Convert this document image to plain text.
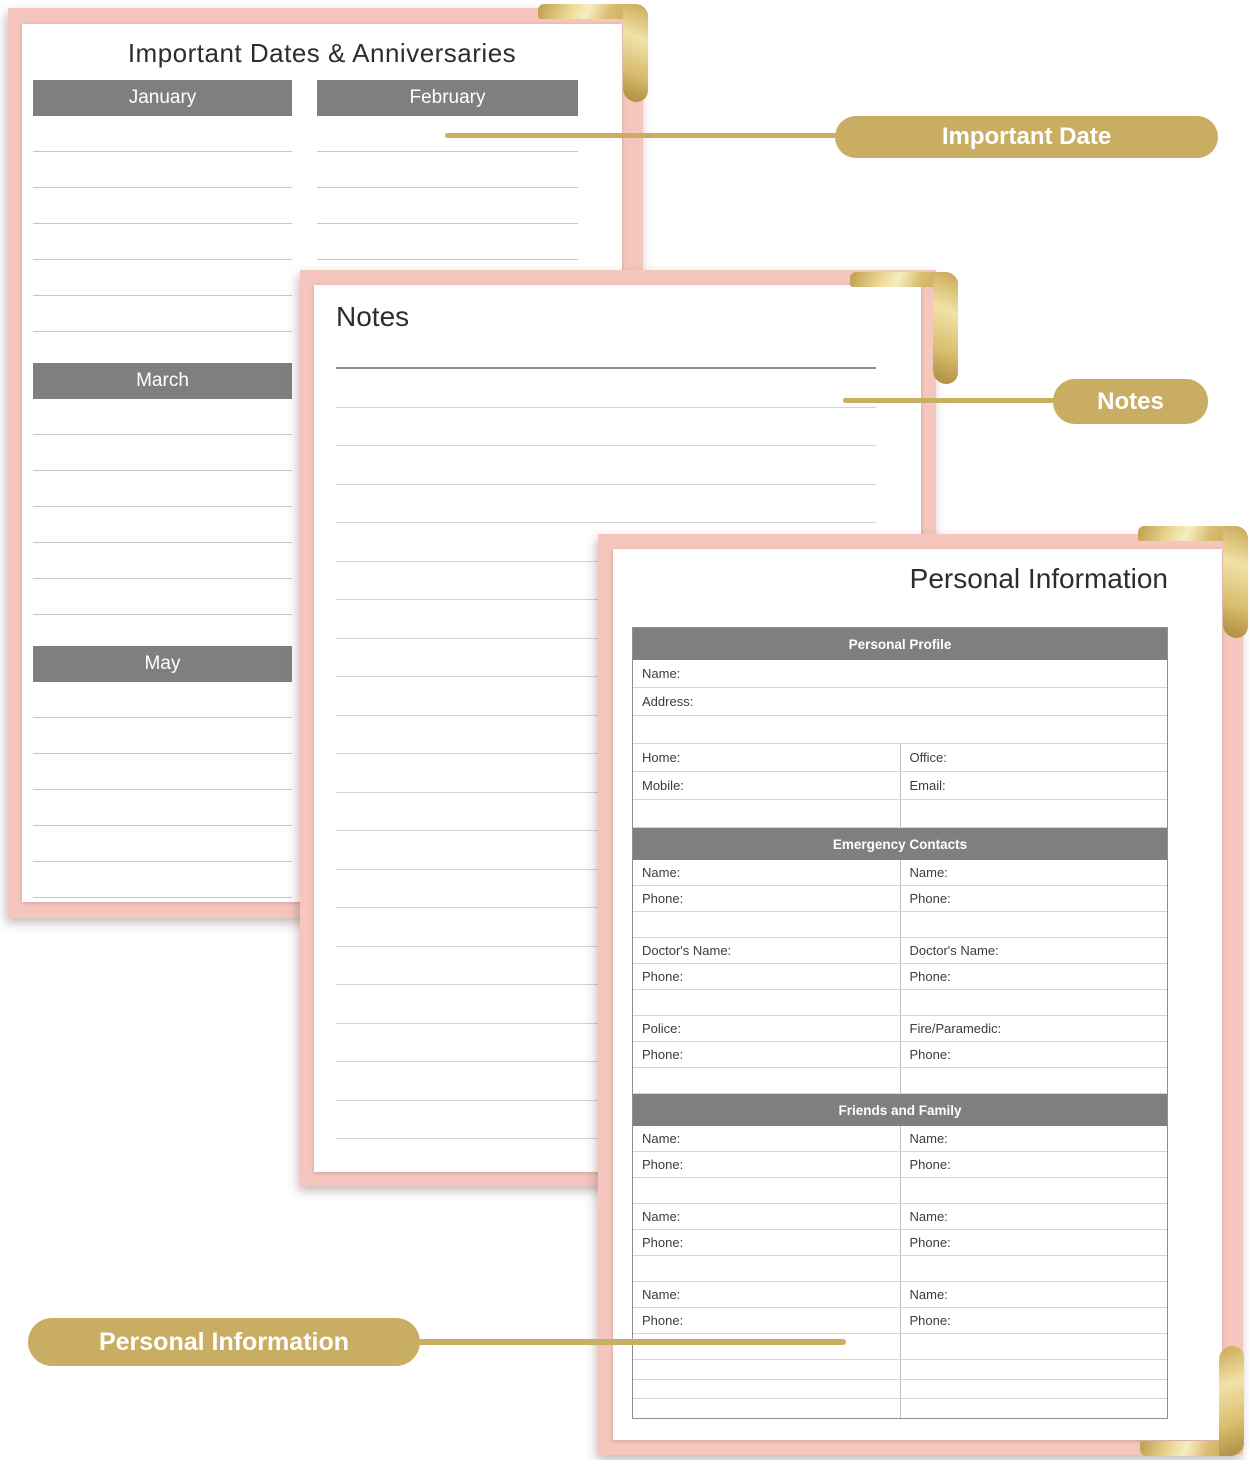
Important Dates & Anniversaries
January	February
March
May
Notes
Personal Information
Personal Profile
Name:
Address:
Home:	Office:
Mobile:	Email:
Emergency Contacts
Name:	Name:
Phone:	Phone:
Doctor's Name:	Doctor's Name:
Phone:	Phone:
Police:	Fire/Paramedic:
Phone:	Phone:
Friends and Family
Name:	Name:
Phone:	Phone:
Name:	Name:
Phone:	Phone:
Name:	Name:
Phone:	Phone:
Important Date
Notes
Personal Information
